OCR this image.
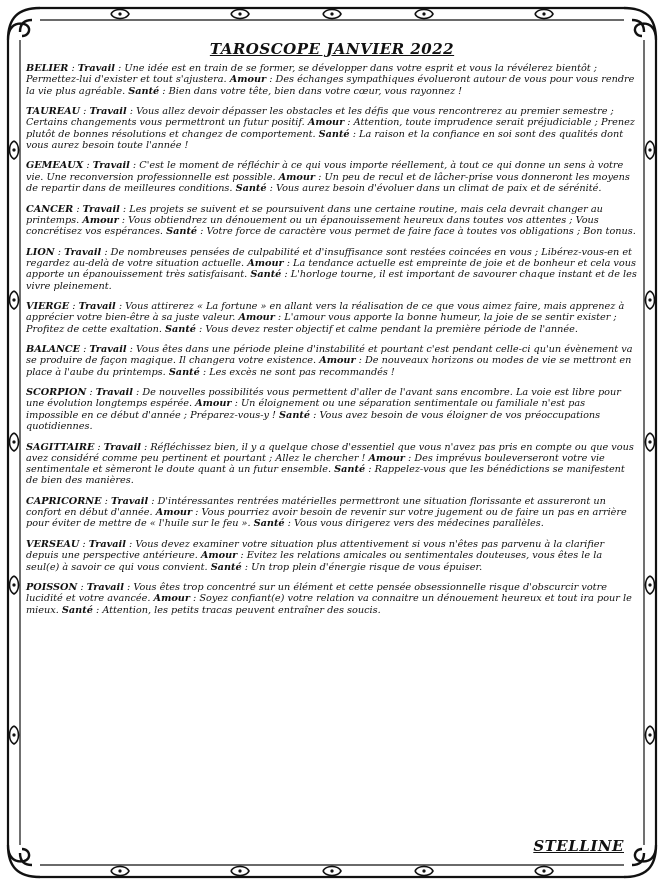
TAROSCOPE JANVIER 2022
BELIER : Travail : Une idée est en train de se former, se développer dans votre esprit et vous la révélerez bientôt ; Permettez-lui d'exister et tout s'ajustera. Amour : Des échanges sympathiques évolueront autour de vous pour vous rendre la vie plus agréable. Santé : Bien dans votre tête, bien dans votre cœur, vous rayonnez !
TAUREAU : Travail : Vous allez devoir dépasser les obstacles et les défis que vous rencontrerez au premier semestre ; Certains changements vous permettront un futur positif. Amour : Attention, toute imprudence serait préjudiciable ; Prenez plutôt de bonnes résolutions et changez de comportement. Santé : La raison et la confiance en soi sont des qualités dont vous aurez besoin toute l'année !
GEMEAUX : Travail : C'est le moment de réfléchir à ce qui vous importe réellement, à tout ce qui donne un sens à votre vie. Une reconversion professionnelle est possible. Amour : Un peu de recul et de lâcher-prise vous donneront les moyens de repartir dans de meilleures conditions. Santé : Vous aurez besoin d'évoluer dans un climat de paix et de sérénité.
CANCER : Travail : Les projets se suivent et se poursuivent dans une certaine routine, mais cela devrait changer au printemps. Amour : Vous obtiendrez un dénouement ou un épanouissement heureux dans toutes vos attentes ; Vous concrétisez vos espérances. Santé : Votre force de caractère vous permet de faire face à toutes vos obligations ; Bon tonus.
LION : Travail : De nombreuses pensées de culpabilité et d'insuffisance sont restées coincées en vous ; Libérez-vous-en et regardez au-delà de votre situation actuelle. Amour : La tendance actuelle est empreinte de joie et de bonheur et cela vous apporte un épanouissement très satisfaisant. Santé : L'horloge tourne, il est important de savourer chaque instant et de les vivre pleinement.
VIERGE : Travail : Vous attirerez « La fortune » en allant vers la réalisation de ce que vous aimez faire, mais apprenez à apprécier votre bien-être à sa juste valeur. Amour : L'amour vous apporte la bonne humeur, la joie de se sentir exister ; Profitez de cette exaltation. Santé : Vous devez rester objectif et calme pendant la première période de l'année.
BALANCE : Travail : Vous êtes dans une période pleine d'instabilité et pourtant c'est pendant celle-ci qu'un évènement va se produire de façon magique. Il changera votre existence. Amour : De nouveaux horizons ou modes de vie se mettront en place à l'aube du printemps. Santé : Les excès ne sont pas recommandés !
SCORPION : Travail : De nouvelles possibilités vous permettent d'aller de l'avant sans encombre. La voie est libre pour une évolution longtemps espérée. Amour : Un éloignement ou une séparation sentimentale ou familiale n'est pas impossible en ce début d'année ; Préparez-vous-y ! Santé : Vous avez besoin de vous éloigner de vos préoccupations quotidiennes.
SAGITTAIRE : Travail : Réfléchissez bien, il y a quelque chose d'essentiel que vous n'avez pas pris en compte ou que vous avez considéré comme peu pertinent et pourtant ; Allez le chercher ! Amour : Des imprévus bouleverseront votre vie sentimentale et sèmeront le doute quant à un futur ensemble. Santé : Rappelez-vous que les bénédictions se manifestent de bien des manières.
CAPRICORNE : Travail : D'intéressantes rentrées matérielles permettront une situation florissante et assureront un confort en début d'année. Amour : Vous pourriez avoir besoin de revenir sur votre jugement ou de faire un pas en arrière pour éviter de mettre de « l'huile sur le feu ». Santé : Vous vous dirigerez vers des médecines parallèles.
VERSEAU : Travail : Vous devez examiner votre situation plus attentivement si vous n'êtes pas parvenu à la clarifier depuis une perspective antérieure. Amour : Evitez les relations amicales ou sentimentales douteuses, vous êtes le la seul(e) à savoir ce qui vous convient. Santé : Un trop plein d'énergie risque de vous épuiser.
POISSON : Travail : Vous êtes trop concentré sur un élément et cette pensée obsessionnelle risque d'obscurcir votre lucidité et votre avancée. Amour : Soyez confiant(e) votre relation va connaitre un dénouement heureux et tout ira pour le mieux. Santé : Attention, les petits tracas peuvent entraîner des soucis.
STELLINE
